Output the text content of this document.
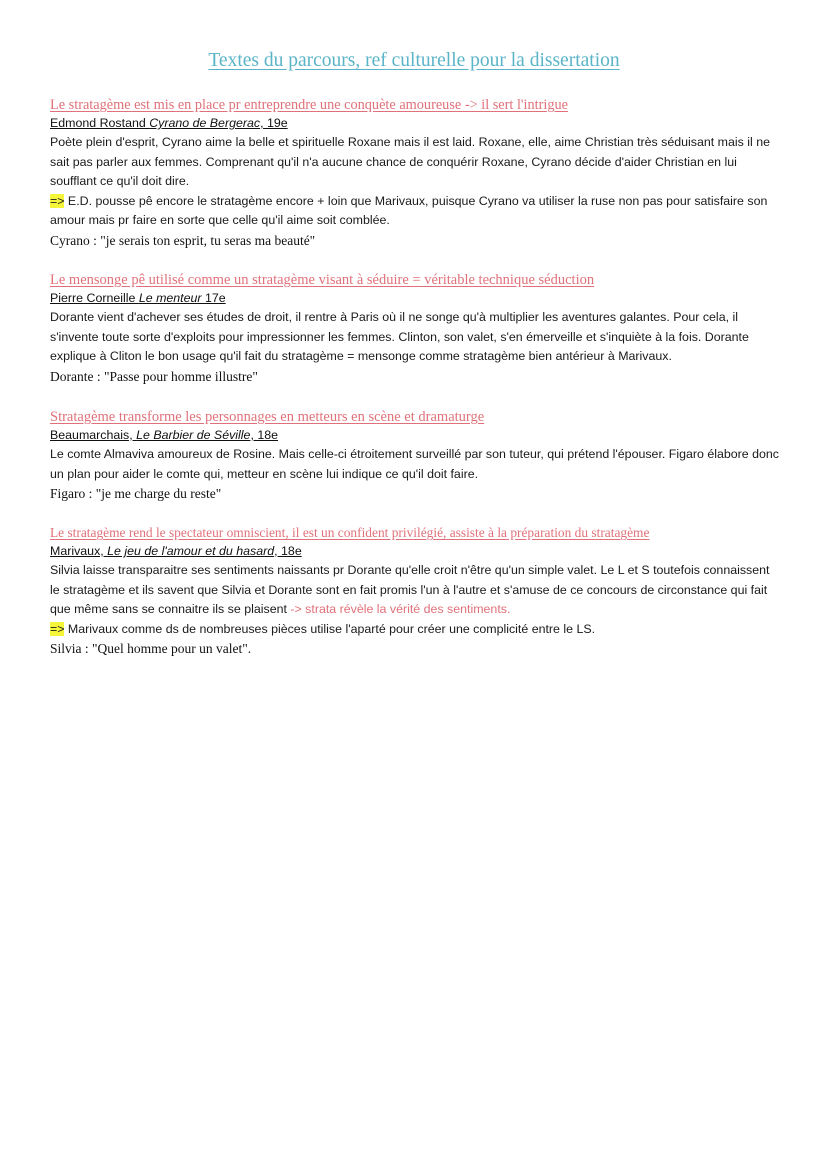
Textes du parcours, ref culturelle pour la dissertation
Le stratagème est mis en place pr entreprendre une conquète amoureuse -> il sert l'intrigue
Edmond Rostand Cyrano de Bergerac, 19e
Poète plein d'esprit, Cyrano aime la belle et spirituelle Roxane mais il est laid. Roxane, elle, aime Christian très séduisant mais il ne sait pas parler aux femmes. Comprenant qu'il n'a aucune chance de conquérir Roxane, Cyrano décide d'aider Christian en lui soufflant ce qu'il doit dire.
=> E.D. pousse pê encore le stratagème encore + loin que Marivaux, puisque Cyrano va utiliser la ruse non pas pour satisfaire son amour mais pr faire en sorte que celle qu'il aime soit comblée.
Cyrano : "je serais ton esprit, tu seras ma beauté"
Le mensonge pê utilisé comme un stratagème visant à séduire = véritable technique séduction
Pierre Corneille Le menteur 17e
Dorante vient d'achever ses études de droit, il rentre à Paris où il ne songe qu'à multiplier les aventures galantes. Pour cela, il s'invente toute sorte d'exploits pour impressionner les femmes. Clinton, son valet, s'en émerveille et s'inquiète à la fois. Dorante explique à Cliton le bon usage qu'il fait du stratagème = mensonge comme stratagème bien antérieur à Marivaux.
Dorante : "Passe pour homme illustre"
Stratagème transforme les personnages en metteurs en scène et dramaturge
Beaumarchais, Le Barbier de Séville, 18e
Le comte Almaviva amoureux de Rosine. Mais celle-ci étroitement surveillé par son tuteur, qui prétend l'épouser. Figaro élabore donc un plan pour aider le comte qui, metteur en scène lui indique ce qu'il doit faire.
Figaro : "je me charge du reste"
Le stratagème rend le spectateur omniscient, il est un confident privilégié, assiste à la préparation du stratagème
Marivaux, Le jeu de l'amour et du hasard, 18e
Silvia laisse transparaitre ses sentiments naissants pr Dorante qu'elle croit n'être qu'un simple valet. Le L et S toutefois connaissent le stratagème et ils savent que Silvia et Dorante sont en fait promis l'un à l'autre et s'amuse de ce concours de circonstance qui fait que même sans se connaitre ils se plaisent -> strata révèle la vérité des sentiments.
=> Marivaux comme ds de nombreuses pièces utilise l'aparté pour créer une complicité entre le LS.
Silvia : "Quel homme pour un valet".
